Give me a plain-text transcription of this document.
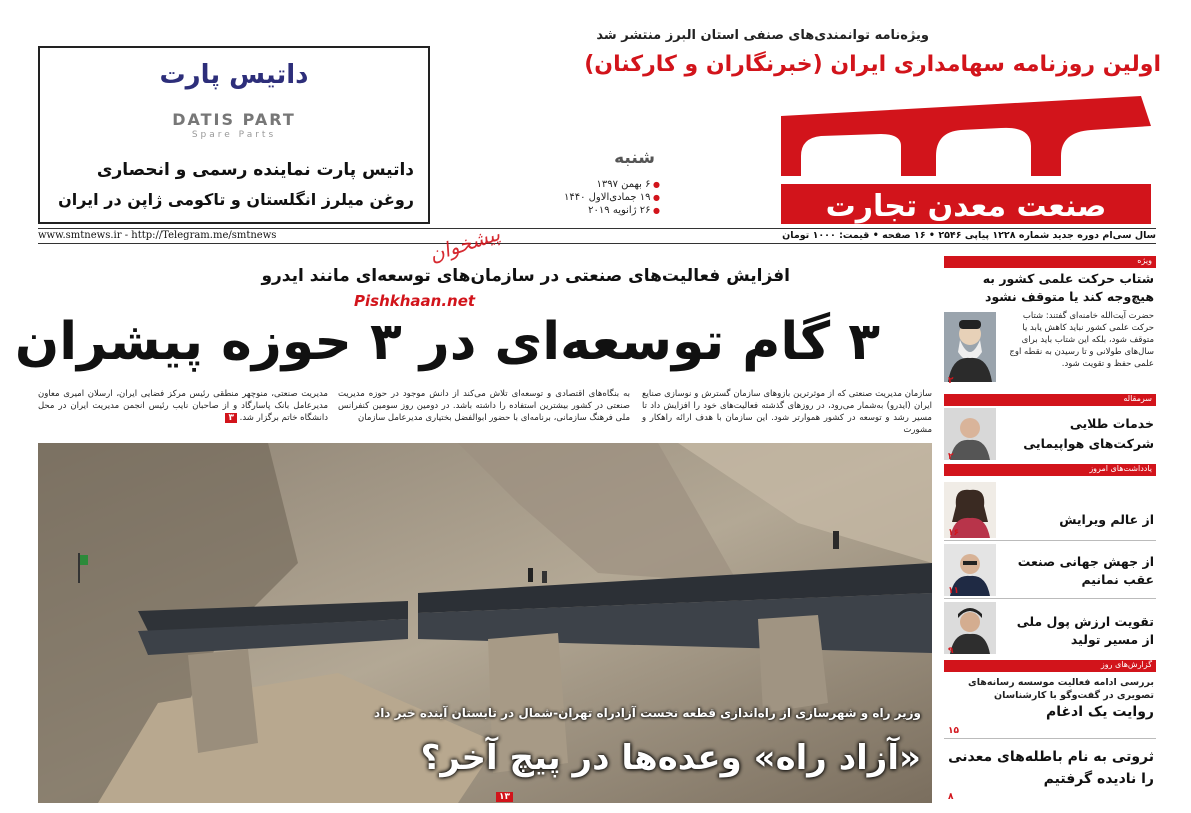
ویژه‌نامه توانمندی‌های صنفی استان البرز منتشر شد
اولین روزنامه سهامداری ایران (خبرنگاران و کارکنان)
صنعت معدن تجارت
شنبه
● ۶ بهمن ۱۳۹۷
● ۱۹ جمادی‌الاول ۱۴۴۰
● ۲۶ ژانویه ۲۰۱۹
داتیس پارت
DATIS PART
Spare Parts
داتیس پارت نماینده رسمی و انحصاری
روغن میلرز انگلستان و تاکومی ژاپن در ایران
www.smtnews.ir - http://Telegram.me/smtnews	سال سی‌ام دوره جدید شماره ۱۲۲۸ پیاپی ۲۵۴۶ • ۱۶ صفحه • قیمت: ۱۰۰۰ تومان
پیشخوان
Pishkhaan.net
افزایش فعالیت‌های صنعتی در سازمان‌های توسعه‌ای مانند ایدرو
۳ گام توسعه‌ای در ۳ حوزه پیشران
سازمان مدیریت صنعتی که از موثرترین بازوهای سازمان گسترش و نوسازی صنایع ایران (ایدرو) به‌شمار می‌رود، در روزهای گذشته فعالیت‌های خود را افزایش داد تا مسیر رشد و توسعه در کشور هموارتر شود. این سازمان با هدف ارائه راهکار و مشورت
به بنگاه‌های اقتصادی و توسعه‌ای تلاش می‌کند از دانش موجود در حوزه مدیریت صنعتی در کشور بیشترین استفاده را داشته باشد. در دومین روز سومین کنفرانس ملی فرهنگ سازمانی، برنامه‌ای با حضور ابوالفضل بختیاری مدیرعامل سازمان
مدیریت صنعتی، منوچهر منطقی رئیس مرکز فضایی ایران، ارسلان امیری معاون مدیرعامل بانک پاسارگاد و از صاحبان نایب رئیس انجمن مدیریت ایران در محل دانشگاه خاتم برگزار شد. ۳
وزیر راه و شهرسازی از راه‌اندازی قطعه نخست آزادراه تهران-شمال در تابستان آینده خبر داد
«آزاد راه» وعده‌ها در پیچ آخر؟
۱۳
ویژه
شتاب حرکت علمی کشور به هیچ‌وجه کند یا متوقف نشود
حضرت آیت‌الله خامنه‌ای گفتند: شتاب حرکت علمی کشور نباید کاهش یابد یا متوقف شود، بلکه این شتاب باید برای سال‌های طولانی و تا رسیدن به نقطه اوج علمی حفظ و تقویت شود.
۲
سرمقاله
خدمات طلایی
شرکت‌های هواپیمایی
۲
یادداشت‌های امروز
از عالم ویرایش
۱۶
از جهش جهانی صنعت
عقب نمانیم
۱۱
تقویت ارزش پول ملی
از مسیر تولید
۹
گزارش‌های روز
بررسی ادامه فعالیت موسسه رسانه‌های تصویری در گفت‌وگو با کارشناسان
روایت یک ادغام
۱۵
ثروتی به نام باطله‌های معدنی را نادیده گرفتیم
۸
